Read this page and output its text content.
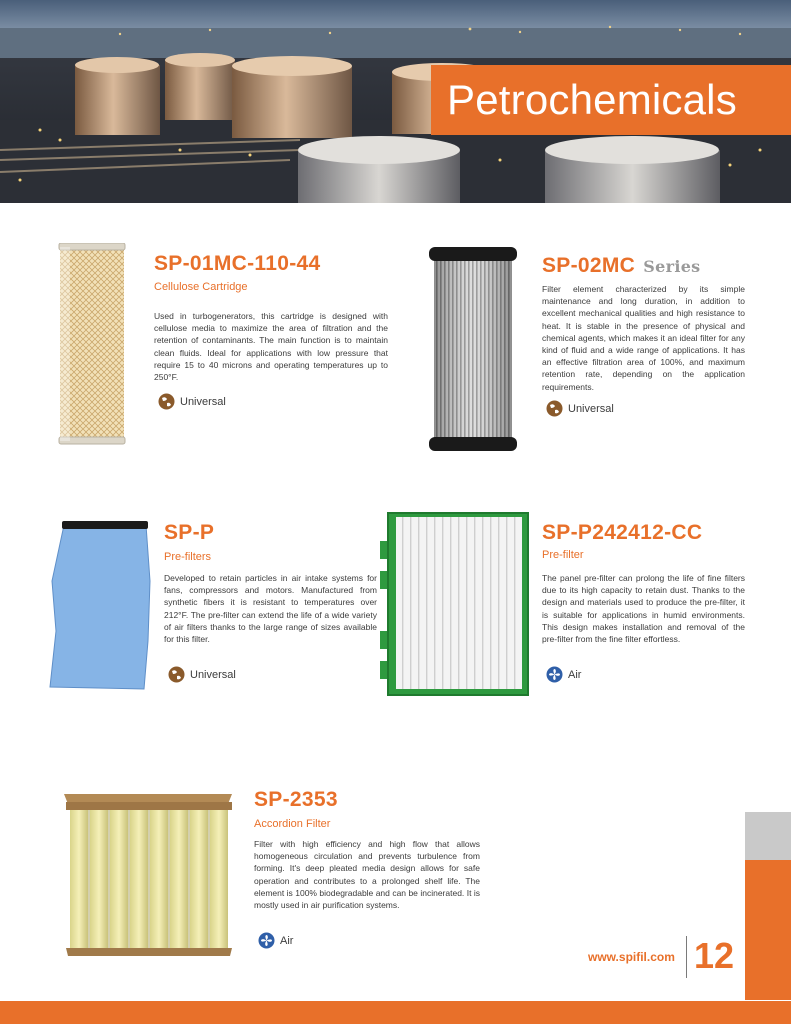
Petrochemicals
SP-01MC-110-44
Cellulose Cartridge
Used in turbogenerators, this cartridge is designed with cellulose media to maximize the area of filtration and the retention of contaminants. The main function is to maintain clean fluids. Ideal for applications with low pressure that require 15 to 40 microns and operating temperatures up to 250°F.
Universal
SP-02MC Series
Filter element characterized by its simple maintenance and long duration, in addition to excellent mechanical qualities and high resistance to heat. It is stable in the presence of physical and chemical agents, which makes it an ideal filter for any kind of fluid and a wide range of applications. It has an effective filtration area of 100%, and maximum retention rate, depending on the application requirements.
Universal
SP-P
Pre-filters
Developed to retain particles in air intake systems for fans, compressors and motors. Manufactured from synthetic fibers it is resistant to temperatures over 212°F. The pre-filter can extend the life of a wide variety of air filters thanks to the large range of sizes available for this filter.
Universal
SP-P242412-CC
Pre-filter
The panel pre-filter can prolong the life of fine filters due to its high capacity to retain dust. Thanks to the design and materials used to produce the pre-filter, it is suitable for applications in humid environments. This design makes installation and removal of the pre-filter from the fine filter effortless.
Air
SP-2353
Accordion Filter
Filter with high efficiency and high flow that allows homogeneous circulation and prevents turbulence from forming. It's deep pleated media design allows for safe operation and contributes to a prolonged shelf life. The element is 100% biodegradable and can be incinerated. It is mostly used in air purification systems.
Air
www.spifil.com 12
